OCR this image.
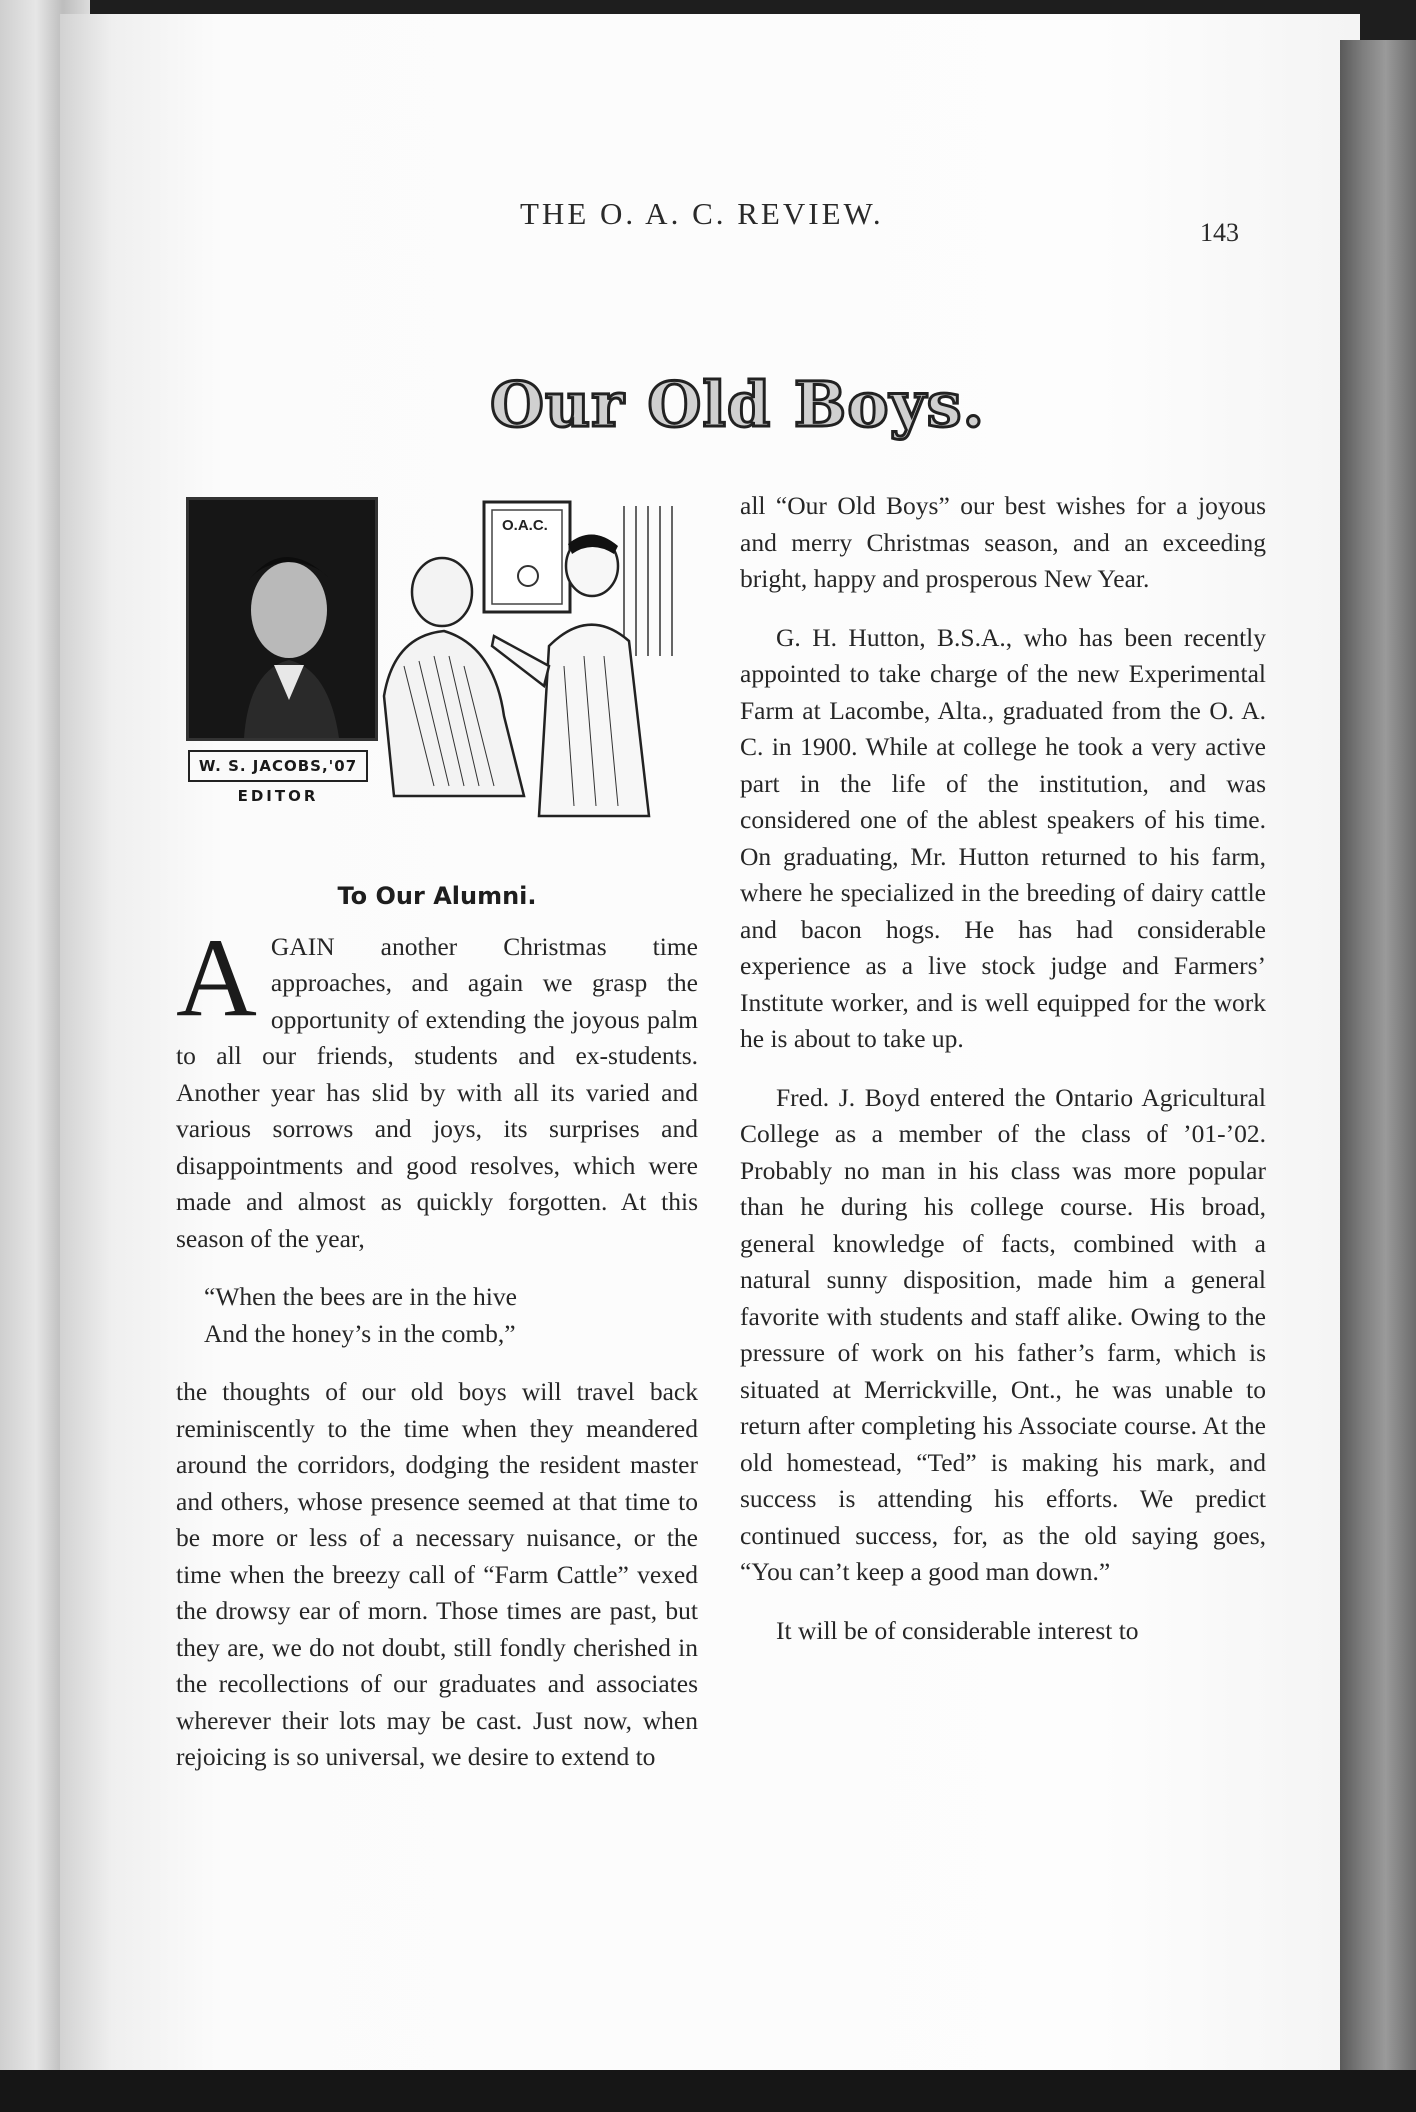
THE O. A. C. REVIEW.
143
Our Old Boys.
W. S. JACOBS,'07
EDITOR
O.A.C.
To Our Alumni.

AGAIN another Christmas time approaches, and again we grasp the opportunity of extending the joyous palm to all our friends, students and ex-students. Another year has slid by with all its varied and various sorrows and joys, its surprises and disappointments and good resolves, which were made and almost as quickly forgotten. At this season of the year,

“When the bees are in the hive
And the honey’s in the comb,”

the thoughts of our old boys will travel back reminiscently to the time when they meandered around the corridors, dodging the resident master and others, whose presence seemed at that time to be more or less of a necessary nuisance, or the time when the breezy call of “Farm Cattle” vexed the drowsy ear of morn. Those times are past, but they are, we do not doubt, still fondly cherished in the recollections of our graduates and associates wherever their lots may be cast. Just now, when rejoicing is so universal, we desire to extend to

all “Our Old Boys” our best wishes for a joyous and merry Christmas season, and an exceeding bright, happy and prosperous New Year.

G. H. Hutton, B.S.A., who has been recently appointed to take charge of the new Experimental Farm at Lacombe, Alta., graduated from the O. A. C. in 1900. While at college he took a very active part in the life of the institution, and was considered one of the ablest speakers of his time. On graduating, Mr. Hutton returned to his farm, where he specialized in the breeding of dairy cattle and bacon hogs. He has had considerable experience as a live stock judge and Farmers’ Institute worker, and is well equipped for the work he is about to take up.

Fred. J. Boyd entered the Ontario Agricultural College as a member of the class of ’01-’02. Probably no man in his class was more popular than he during his college course. His broad, general knowledge of facts, combined with a natural sunny disposition, made him a general favorite with students and staff alike. Owing to the pressure of work on his father’s farm, which is situated at Merrickville, Ont., he was unable to return after completing his Associate course. At the old homestead, “Ted” is making his mark, and success is attending his efforts. We predict continued success, for, as the old saying goes, “You can’t keep a good man down.”

It will be of considerable interest to
